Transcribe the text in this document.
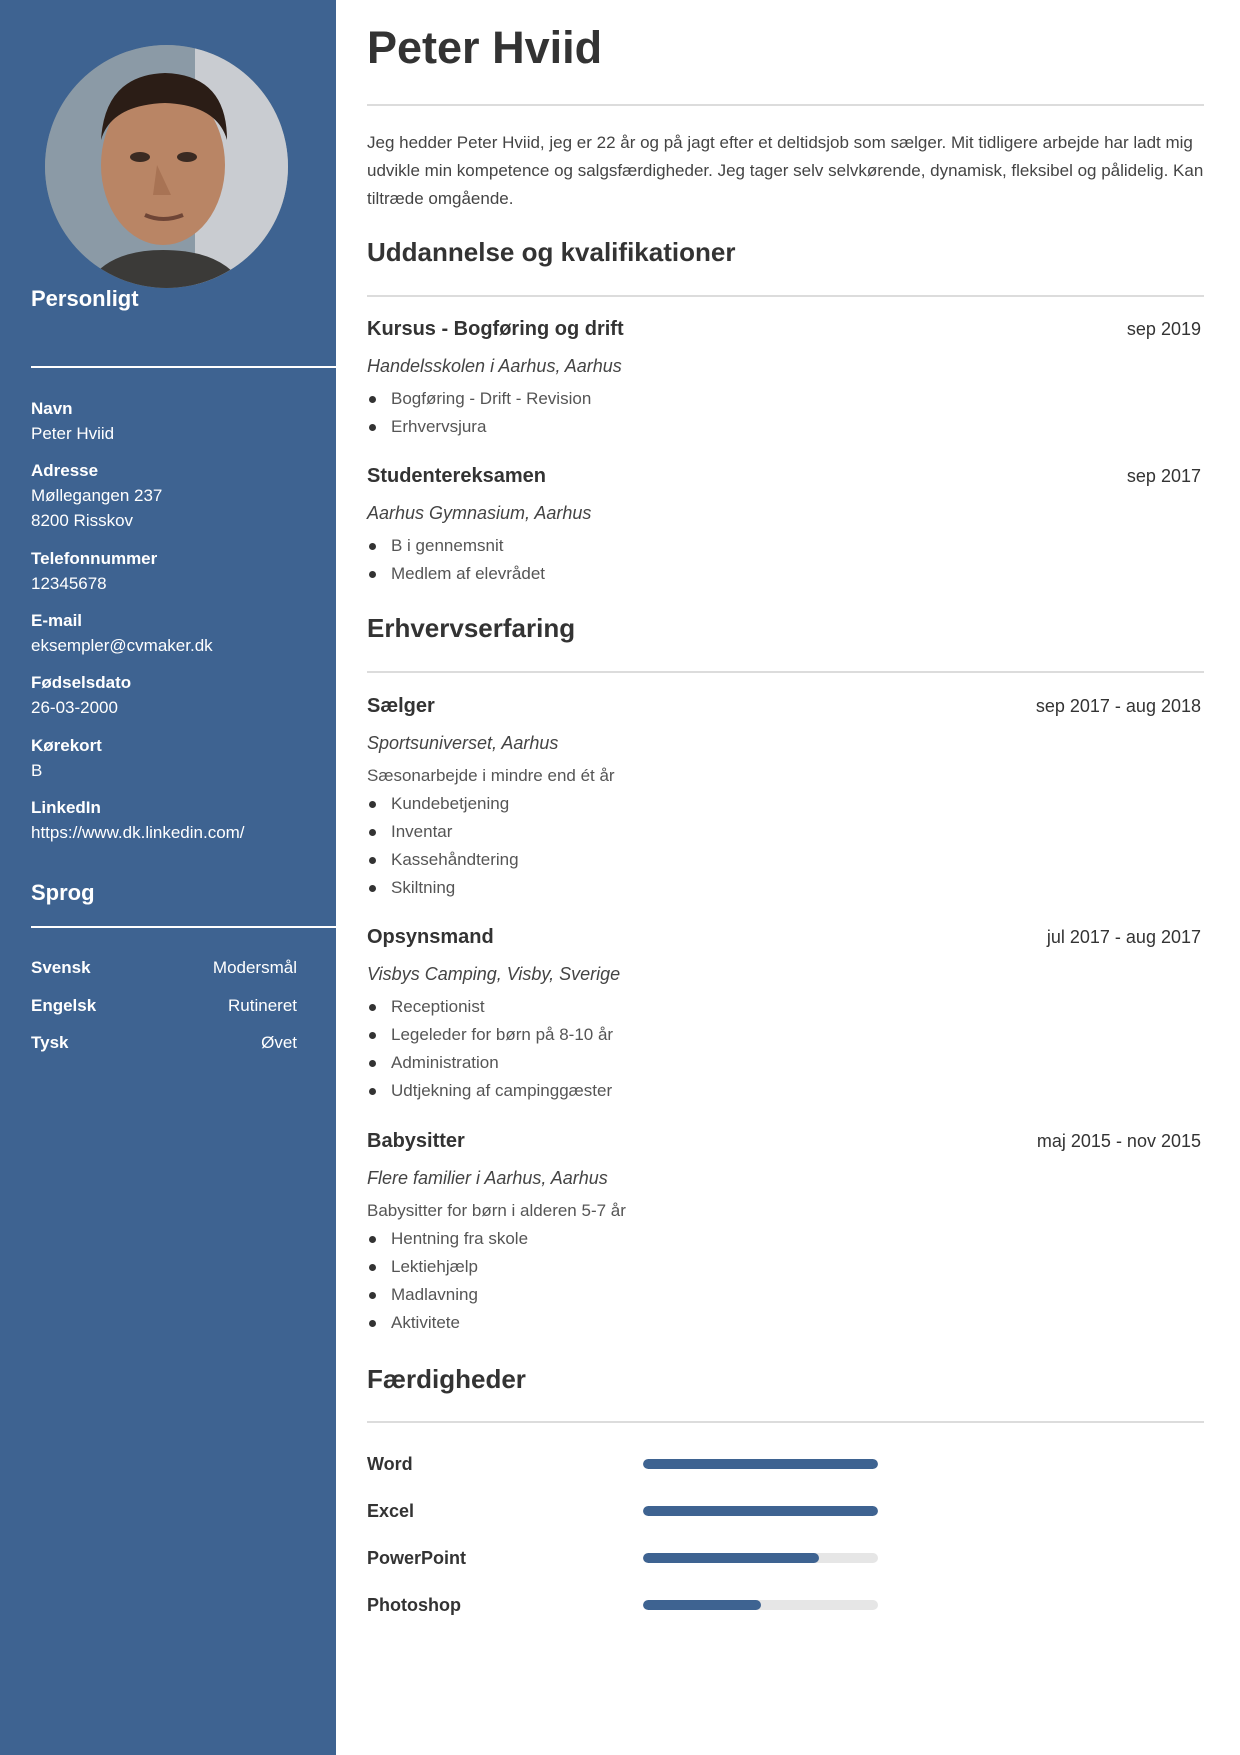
Personligt
Navn
Peter Hviid
Adresse
Møllegangen 237
8200 Risskov
Telefonnummer
12345678
E-mail
eksempler@cvmaker.dk
Fødselsdato
26-03-2000
Kørekort
B
LinkedIn
https://www.dk.linkedin.com/
Sprog
Svensk	Modersmål
Engelsk	Rutineret
Tysk	Øvet
Peter Hviid

Jeg hedder Peter Hviid, jeg er 22 år og på jagt efter et deltidsjob som sælger. Mit tidligere arbejde har ladt mig udvikle min kompetence og salgsfærdigheder. Jeg tager selv selvkørende, dynamisk, fleksibel og pålidelig. Kan tiltræde omgående.

Uddannelse og kvalifikationer
Kursus - Bogføring og drift	sep 2019
Handelsskolen i Aarhus, Aarhus
Bogføring - Drift - Revision
Erhvervsjura
Studentereksamen	sep 2017
Aarhus Gymnasium, Aarhus
B i gennemsnit
Medlem af elevrådet
Erhvervserfaring
Sælger	sep 2017 - aug 2018
Sportsuniverset, Aarhus
Sæsonarbejde i mindre end ét år
Kundebetjening
Inventar
Kassehåndtering
Skiltning
Opsynsmand	jul 2017 - aug 2017
Visbys Camping, Visby, Sverige
Receptionist
Legeleder for børn på 8-10 år
Administration
Udtjekning af campinggæster
Babysitter	maj 2015 - nov 2015
Flere familier i Aarhus, Aarhus
Babysitter for børn i alderen 5-7 år
Hentning fra skole
Lektiehjælp
Madlavning
Aktivitete
Færdigheder
Word
Excel
PowerPoint
Photoshop
